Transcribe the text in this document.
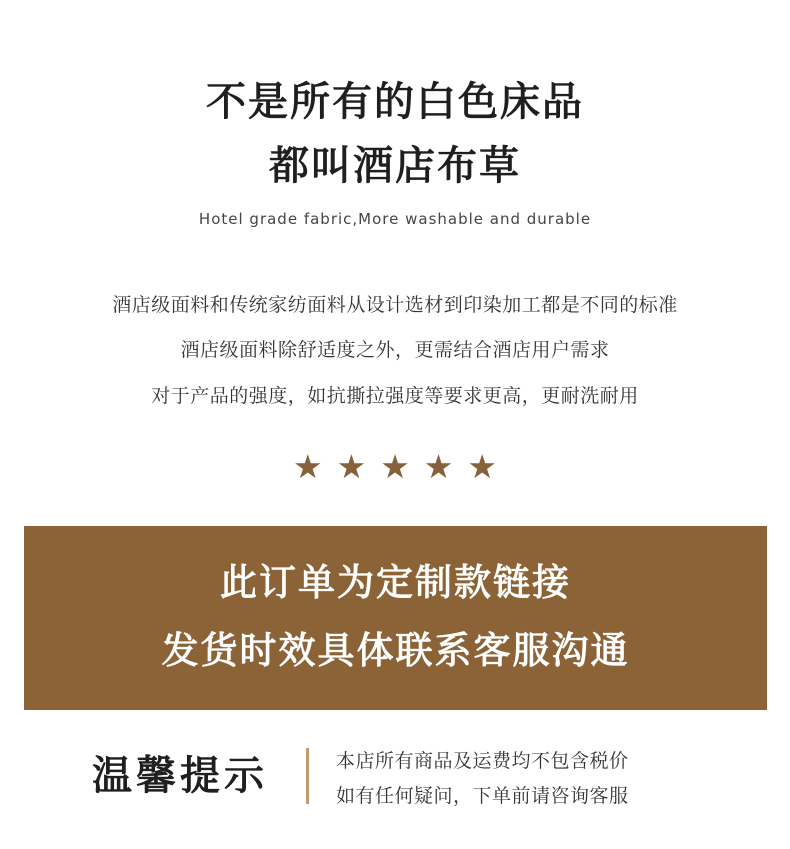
不是所有的白色床品
都叫酒店布草
Hotel grade fabric,More washable and durable
酒店级面料和传统家纺面料从设计选材到印染加工都是不同的标准
酒店级面料除舒适度之外，更需结合酒店用户需求
对于产品的强度，如抗撕拉强度等要求更高，更耐洗耐用
★★★★★
此订单为定制款链接
发货时效具体联系客服沟通
温馨提示	本店所有商品及运费均不包含税价
如有任何疑问，下单前请咨询客服
